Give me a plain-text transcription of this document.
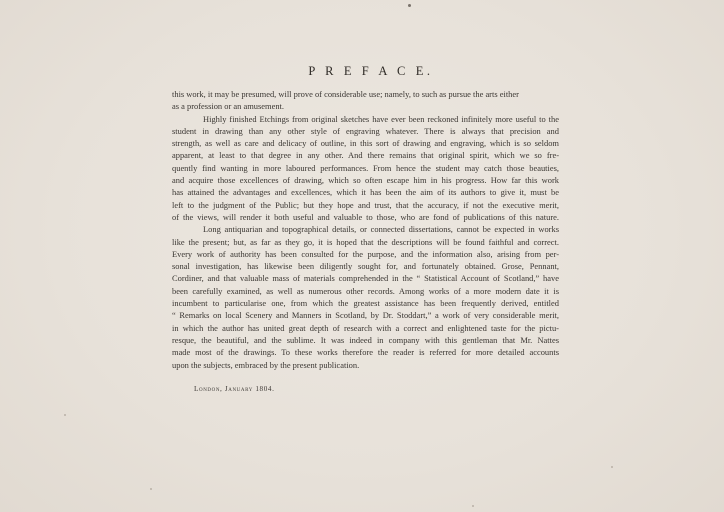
P R E F A C E.
this work, it may be presumed, will prove of considerable use; namely, to such as pursue the arts either
as a profession or an amusement.
Highly finished Etchings from original sketches have ever been reckoned infinitely more useful to the
student in drawing than any other style of engraving whatever. There is always that precision and
strength, as well as care and delicacy of outline, in this sort of drawing and engraving, which is so seldom
apparent, at least to that degree in any other. And there remains that original spirit, which we so fre-
quently find wanting in more laboured performances. From hence the student may catch those beauties,
and acquire those excellences of drawing, which so often escape him in his progress. How far this work
has attained the advantages and excellences, which it has been the aim of its authors to give it, must be
left to the judgment of the Public; but they hope and trust, that the accuracy, if not the executive merit,
of the views, will render it both useful and valuable to those, who are fond of publications of this nature.
Long antiquarian and topographical details, or connected dissertations, cannot be expected in works
like the present; but, as far as they go, it is hoped that the descriptions will be found faithful and correct.
Every work of authority has been consulted for the purpose, and the information also, arising from per-
sonal investigation, has likewise been diligently sought for, and fortunately obtained. Grose, Pennant,
Cordiner, and that valuable mass of materials comprehended in the “ Statistical Account of Scotland,” have
been carefully examined, as well as numerous other records. Among works of a more modern date it is
incumbent to particularise one, from which the greatest assistance has been frequently derived, entitled
“ Remarks on local Scenery and Manners in Scotland, by Dr. Stoddart,” a work of very considerable merit,
in which the author has united great depth of research with a correct and enlightened taste for the pictu-
resque, the beautiful, and the sublime. It was indeed in company with this gentleman that Mr. Nattes
made most of the drawings. To these works therefore the reader is referred for more detailed accounts
upon the subjects, embraced by the present publication.
London, January 1804.
